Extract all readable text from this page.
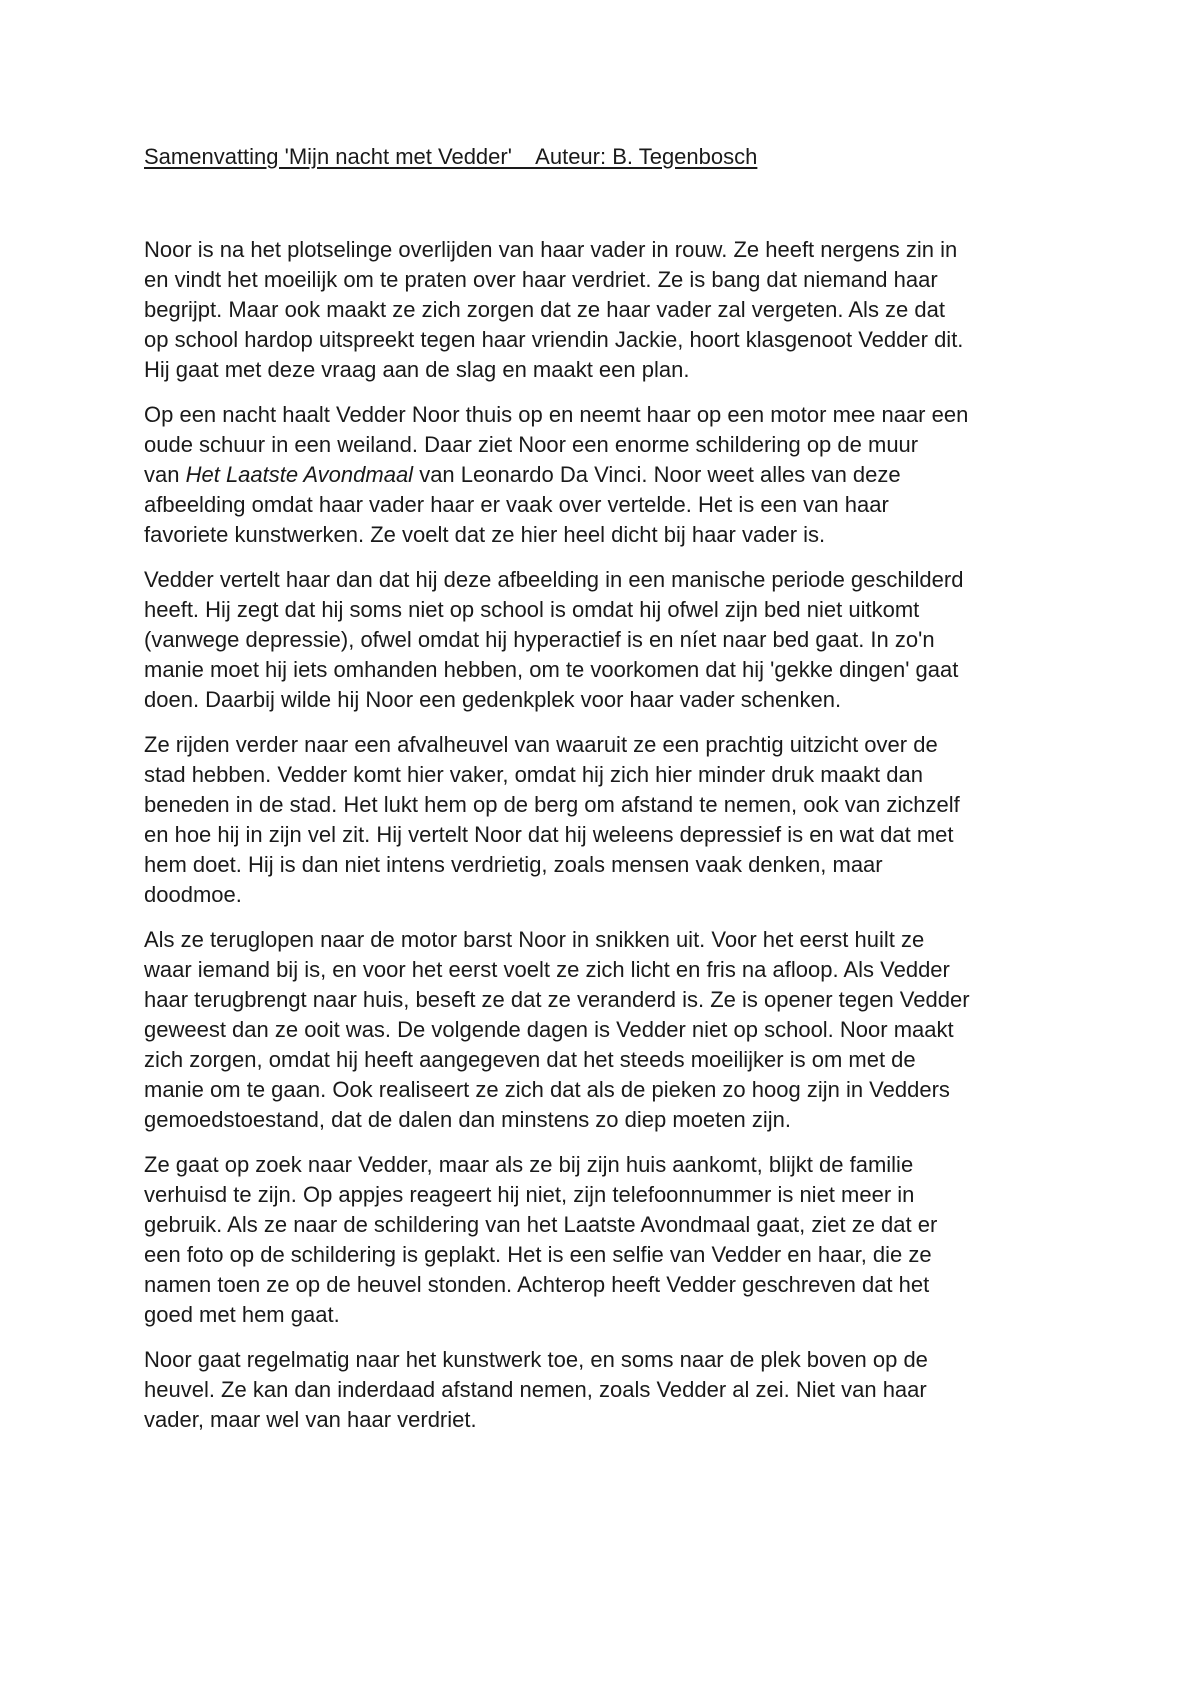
Samenvatting 'Mijn nacht met Vedder'    Auteur: B. Tegenbosch

Noor is na het plotselinge overlijden van haar vader in rouw. Ze heeft nergens zin in
en vindt het moeilijk om te praten over haar verdriet. Ze is bang dat niemand haar
begrijpt. Maar ook maakt ze zich zorgen dat ze haar vader zal vergeten. Als ze dat
op school hardop uitspreekt tegen haar vriendin Jackie, hoort klasgenoot Vedder dit.
Hij gaat met deze vraag aan de slag en maakt een plan.

Op een nacht haalt Vedder Noor thuis op en neemt haar op een motor mee naar een
oude schuur in een weiland. Daar ziet Noor een enorme schildering op de muur
van Het Laatste Avondmaal van Leonardo Da Vinci. Noor weet alles van deze
afbeelding omdat haar vader haar er vaak over vertelde. Het is een van haar
favoriete kunstwerken. Ze voelt dat ze hier heel dicht bij haar vader is.

Vedder vertelt haar dan dat hij deze afbeelding in een manische periode geschilderd
heeft. Hij zegt dat hij soms niet op school is omdat hij ofwel zijn bed niet uitkomt
(vanwege depressie), ofwel omdat hij hyperactief is en níet naar bed gaat. In zo'n
manie moet hij iets omhanden hebben, om te voorkomen dat hij 'gekke dingen' gaat
doen. Daarbij wilde hij Noor een gedenkplek voor haar vader schenken.

Ze rijden verder naar een afvalheuvel van waaruit ze een prachtig uitzicht over de
stad hebben. Vedder komt hier vaker, omdat hij zich hier minder druk maakt dan
beneden in de stad. Het lukt hem op de berg om afstand te nemen, ook van zichzelf
en hoe hij in zijn vel zit. Hij vertelt Noor dat hij weleens depressief is en wat dat met
hem doet. Hij is dan niet intens verdrietig, zoals mensen vaak denken, maar
doodmoe.

Als ze teruglopen naar de motor barst Noor in snikken uit. Voor het eerst huilt ze
waar iemand bij is, en voor het eerst voelt ze zich licht en fris na afloop. Als Vedder
haar terugbrengt naar huis, beseft ze dat ze veranderd is. Ze is opener tegen Vedder
geweest dan ze ooit was. De volgende dagen is Vedder niet op school. Noor maakt
zich zorgen, omdat hij heeft aangegeven dat het steeds moeilijker is om met de
manie om te gaan. Ook realiseert ze zich dat als de pieken zo hoog zijn in Vedders
gemoedstoestand, dat de dalen dan minstens zo diep moeten zijn.

Ze gaat op zoek naar Vedder, maar als ze bij zijn huis aankomt, blijkt de familie
verhuisd te zijn. Op appjes reageert hij niet, zijn telefoonnummer is niet meer in
gebruik. Als ze naar de schildering van het Laatste Avondmaal gaat, ziet ze dat er
een foto op de schildering is geplakt. Het is een selfie van Vedder en haar, die ze
namen toen ze op de heuvel stonden. Achterop heeft Vedder geschreven dat het
goed met hem gaat.

Noor gaat regelmatig naar het kunstwerk toe, en soms naar de plek boven op de
heuvel. Ze kan dan inderdaad afstand nemen, zoals Vedder al zei. Niet van haar
vader, maar wel van haar verdriet.
